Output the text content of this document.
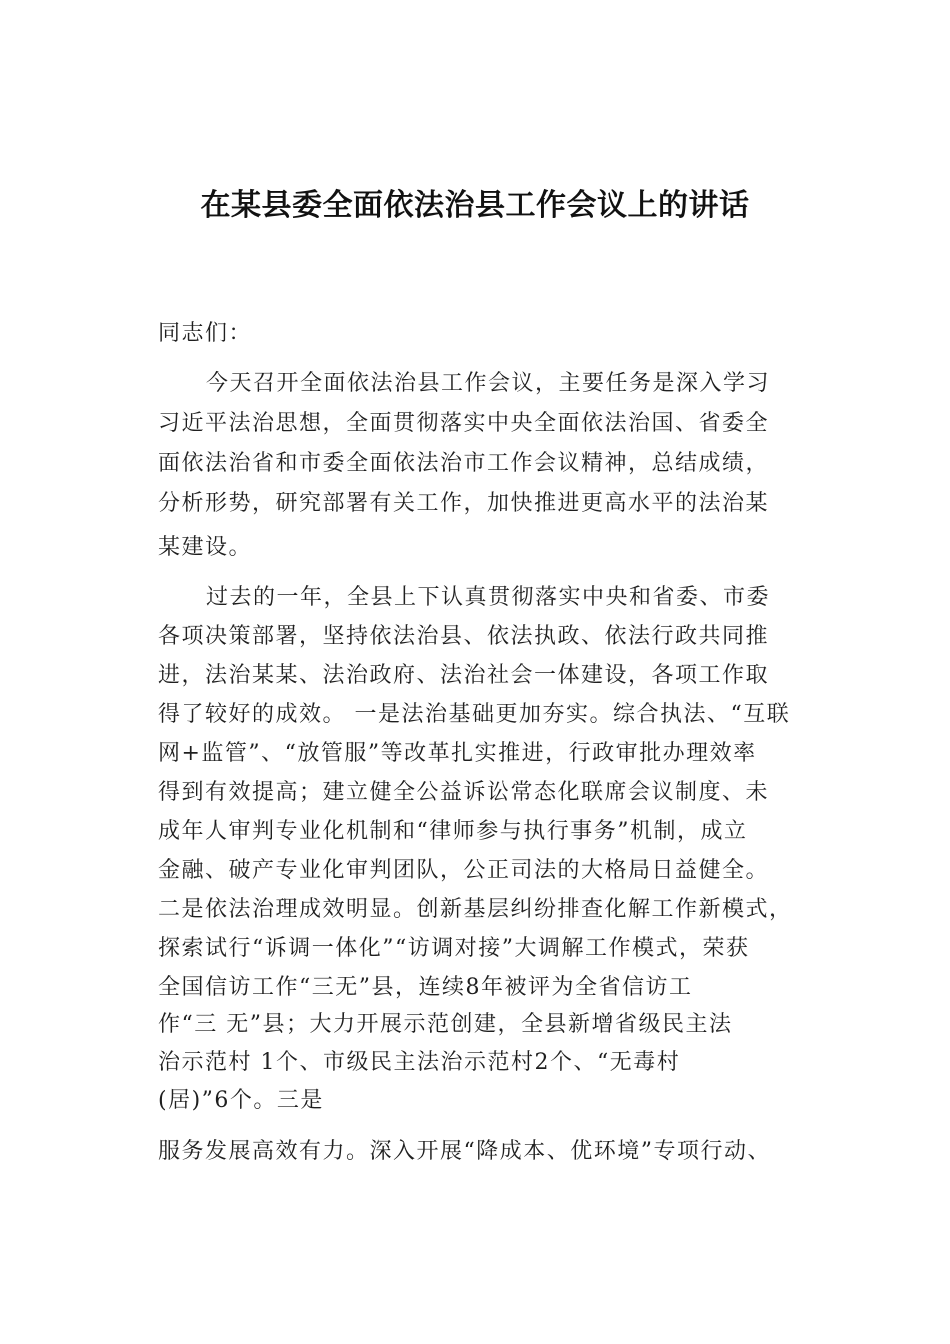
在某县委全面依法治县工作会议上的讲话
同志们：
今天召开全面依法治县工作会议，主要任务是深入学习
习近平法治思想，全面贯彻落实中央全面依法治国、省委全
面依法治省和市委全面依法治市工作会议精神，总结成绩，
分析形势，研究部署有关工作，加快推进更高水平的法治某
某建设。
过去的一年，全县上下认真贯彻落实中央和省委、市委
各项决策部署，坚持依法治县、依法执政、依法行政共同推
进，法治某某、法治政府、法治社会一体建设，各项工作取
得了较好的成效。 一是法治基础更加夯实。综合执法、“互联
网+监管”、“放管服”等改革扎实推进，行政审批办理效率
得到有效提高；建立健全公益诉讼常态化联席会议制度、未
成年人审判专业化机制和“律师参与执行事务”机制，成立
金融、破产专业化审判团队，公正司法的大格局日益健全。
二是依法治理成效明显。创新基层纠纷排查化解工作新模式，
探索试行“诉调一体化”“访调对接”大调解工作模式，荣获
全国信访工作“三无”县，连续8年被评为全省信访工
作“三 无”县；大力开展示范创建，全县新增省级民主法
治示范村 1个、市级民主法治示范村2个、“无毒村
(居)”6个。三是
服务发展高效有力。深入开展“降成本、优环境”专项行动、
